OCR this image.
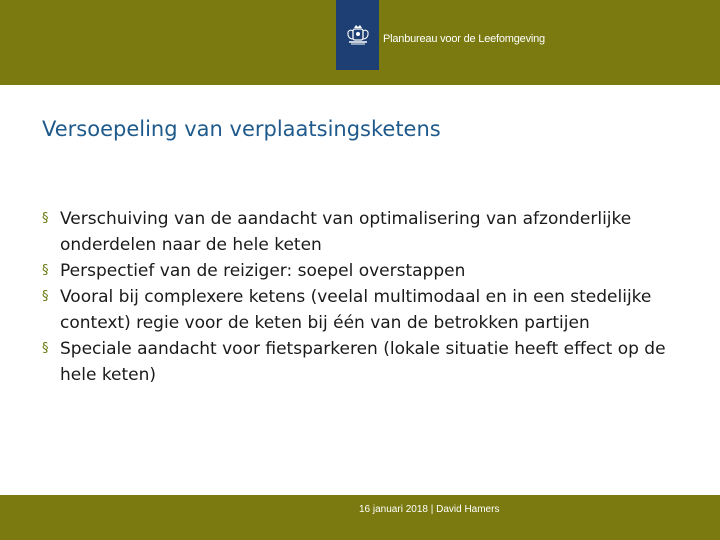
Planbureau voor de Leefomgeving
Versoepeling van verplaatsingsketens
§ Verschuiving van de aandacht van optimalisering van afzonderlijke onderdelen naar de hele keten
§ Perspectief van de reiziger: soepel overstappen
§ Vooral bij complexere ketens (veelal multimodaal en in een stedelijke context) regie voor de keten bij één van de betrokken partijen
§ Speciale aandacht voor fietsparkeren (lokale situatie heeft effect op de hele keten)
16 januari 2018 | David Hamers
